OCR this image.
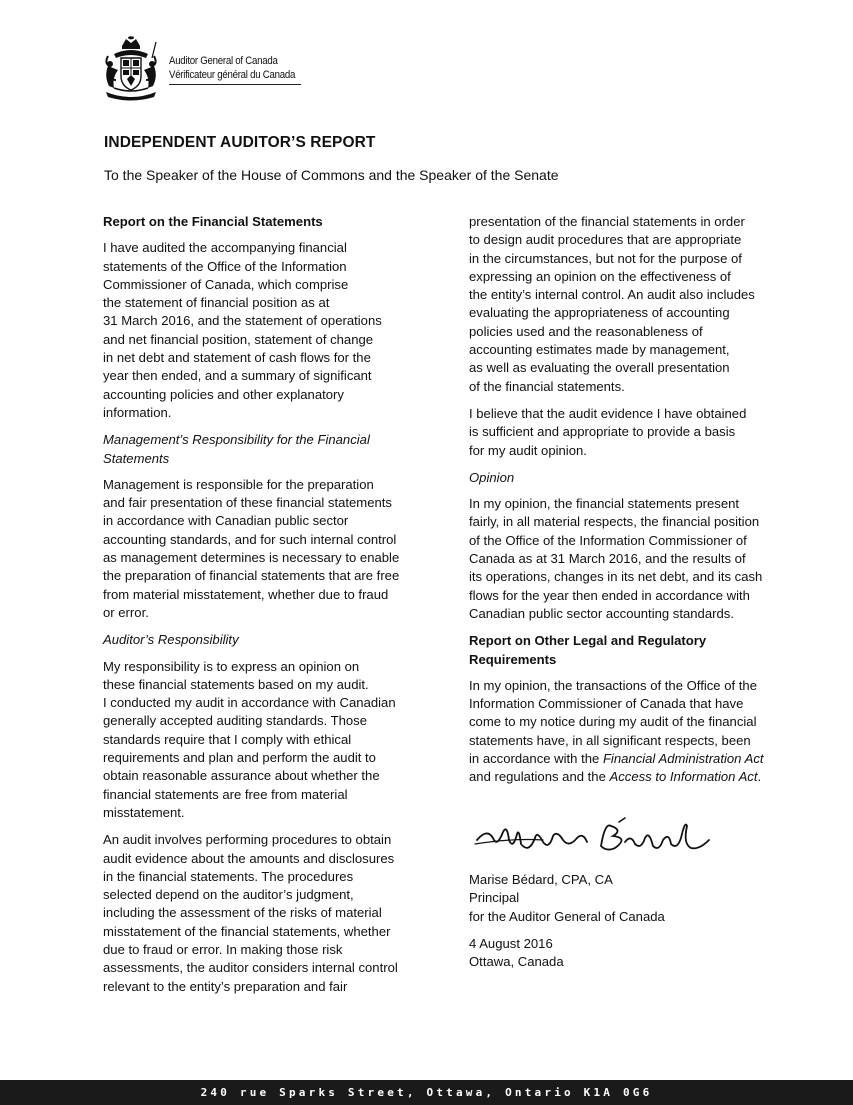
Auditor General of Canada
Vérificateur général du Canada
INDEPENDENT AUDITOR’S REPORT
To the Speaker of the House of Commons and the Speaker of the Senate
Report on the Financial Statements

I have audited the accompanying financial
statements of the Office of the Information
Commissioner of Canada, which comprise
the statement of financial position as at
31 March 2016, and the statement of operations
and net financial position, statement of change
in net debt and statement of cash flows for the
year then ended, and a summary of significant
accounting policies and other explanatory
information.

Management’s Responsibility for the Financial
Statements

Management is responsible for the preparation
and fair presentation of these financial statements
in accordance with Canadian public sector
accounting standards, and for such internal control
as management determines is necessary to enable
the preparation of financial statements that are free
from material misstatement, whether due to fraud
or error.

Auditor’s Responsibility

My responsibility is to express an opinion on
these financial statements based on my audit.
I conducted my audit in accordance with Canadian
generally accepted auditing standards. Those
standards require that I comply with ethical
requirements and plan and perform the audit to
obtain reasonable assurance about whether the
financial statements are free from material
misstatement.

An audit involves performing procedures to obtain
audit evidence about the amounts and disclosures
in the financial statements. The procedures
selected depend on the auditor’s judgment,
including the assessment of the risks of material
misstatement of the financial statements, whether
due to fraud or error. In making those risk
assessments, the auditor considers internal control
relevant to the entity’s preparation and fair

presentation of the financial statements in order
to design audit procedures that are appropriate
in the circumstances, but not for the purpose of
expressing an opinion on the effectiveness of
the entity’s internal control. An audit also includes
evaluating the appropriateness of accounting
policies used and the reasonableness of
accounting estimates made by management,
as well as evaluating the overall presentation
of the financial statements.

I believe that the audit evidence I have obtained
is sufficient and appropriate to provide a basis
for my audit opinion.

Opinion

In my opinion, the financial statements present
fairly, in all material respects, the financial position
of the Office of the Information Commissioner of
Canada as at 31 March 2016, and the results of
its operations, changes in its net debt, and its cash
flows for the year then ended in accordance with
Canadian public sector accounting standards.

Report on Other Legal and Regulatory
Requirements

In my opinion, the transactions of the Office of the
Information Commissioner of Canada that have
come to my notice during my audit of the financial
statements have, in all significant respects, been
in accordance with the Financial Administration Act
and regulations and the Access to Information Act.

Marise Bédard, CPA, CA
Principal
for the Auditor General of Canada

4 August 2016
Ottawa, Canada

240 rue Sparks Street, Ottawa, Ontario K1A 0G6
